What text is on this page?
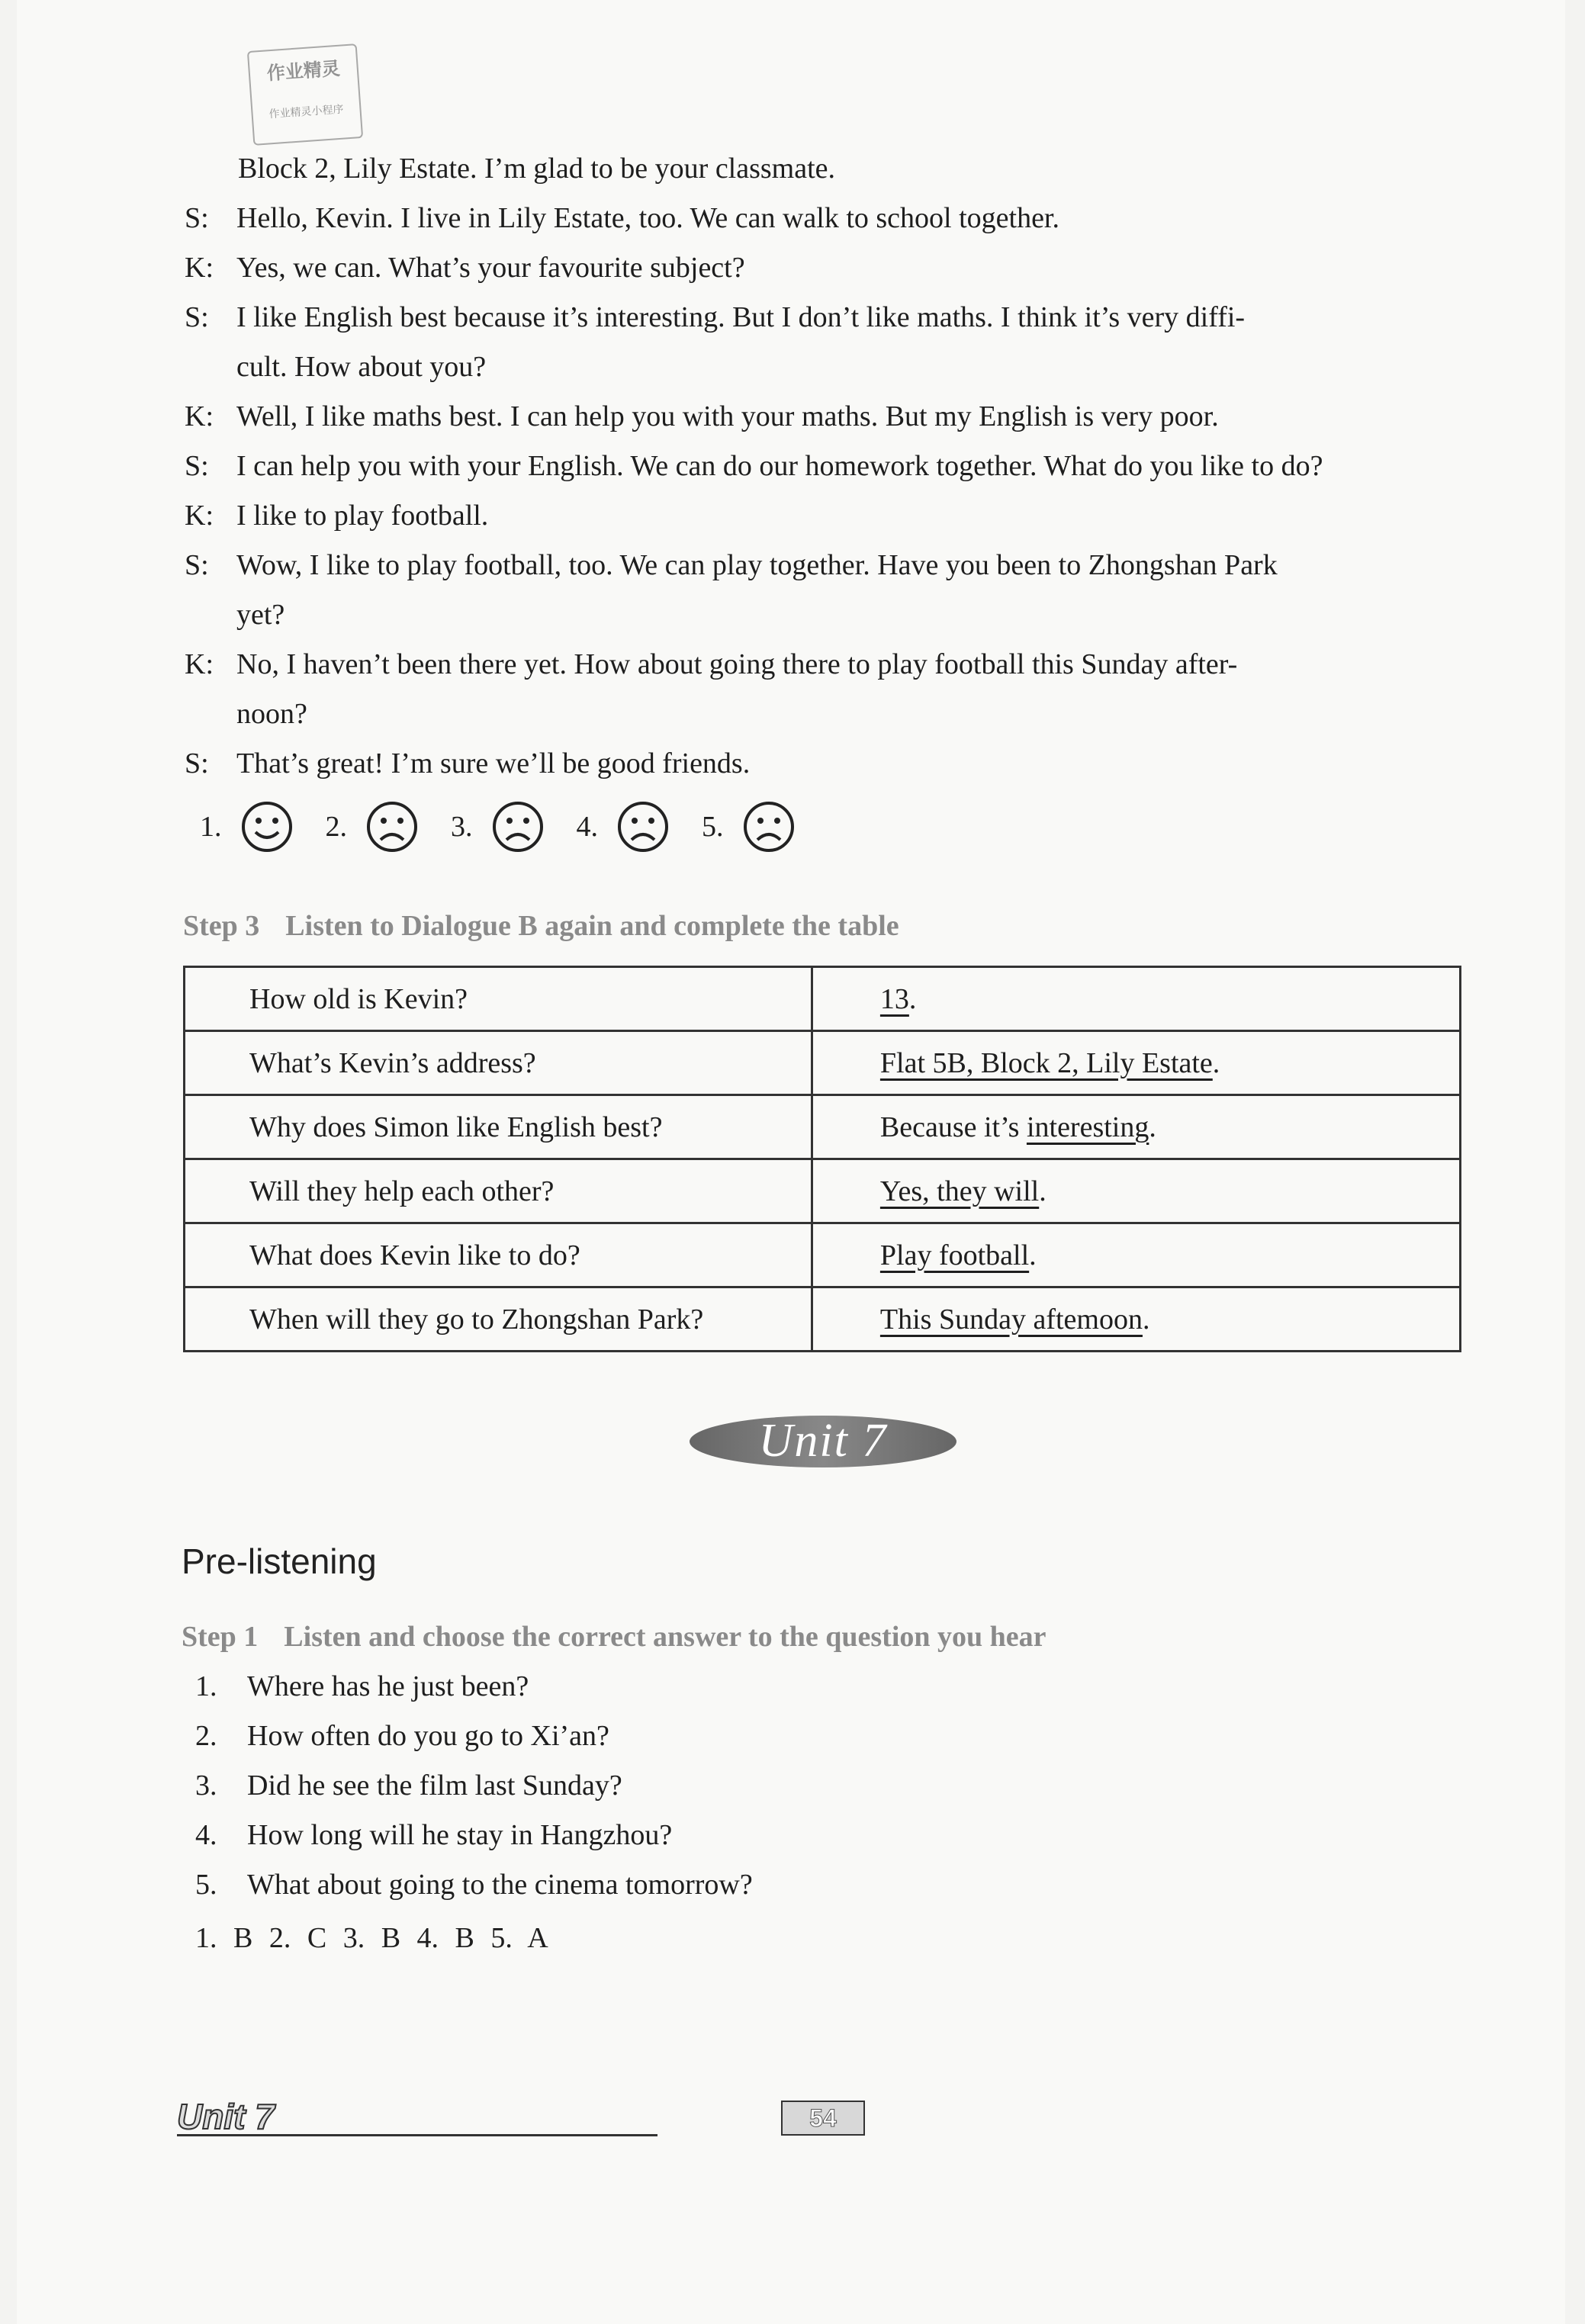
作业精灵
作业精灵小程序
Block 2, Lily Estate. I’m glad to be your classmate.
S: Hello, Kevin. I live in Lily Estate, too. We can walk to school together.
K: Yes, we can. What’s your favourite subject?
S: I like English best because it’s interesting. But I don’t like maths. I think it’s very diffi-
cult. How about you?
K: Well, I like maths best. I can help you with your maths. But my English is very poor.
S: I can help you with your English. We can do our homework together. What do you like to do?
K: I like to play football.
S: Wow, I like to play football, too. We can play together. Have you been to Zhongshan Park
yet?
K: No, I haven’t been there yet. How about going there to play football this Sunday after-
noon?
S: That’s great! I’m sure we’ll be good friends.
1.	2.	3.	4.	5.
Step 3 Listen to Dialogue B again and complete the table
How old is Kevin?	13.
What’s Kevin’s address?	Flat 5B, Block 2, Lily Estate.
Why does Simon like English best?	Because it’s interesting.
Will they help each other?	Yes, they will.
What does Kevin like to do?	Play football.
When will they go to Zhongshan Park?	This Sunday aftemoon.
Unit 7
Pre-listening
Step 1 Listen and choose the correct answer to the question you hear
1. Where has he just been?
2. How often do you go to Xi’an?
3. Did he see the film last Sunday?
4. How long will he stay in Hangzhou?
5. What about going to the cinema tomorrow?
1. B 2. C 3. B 4. B 5. A
Unit 7	54
